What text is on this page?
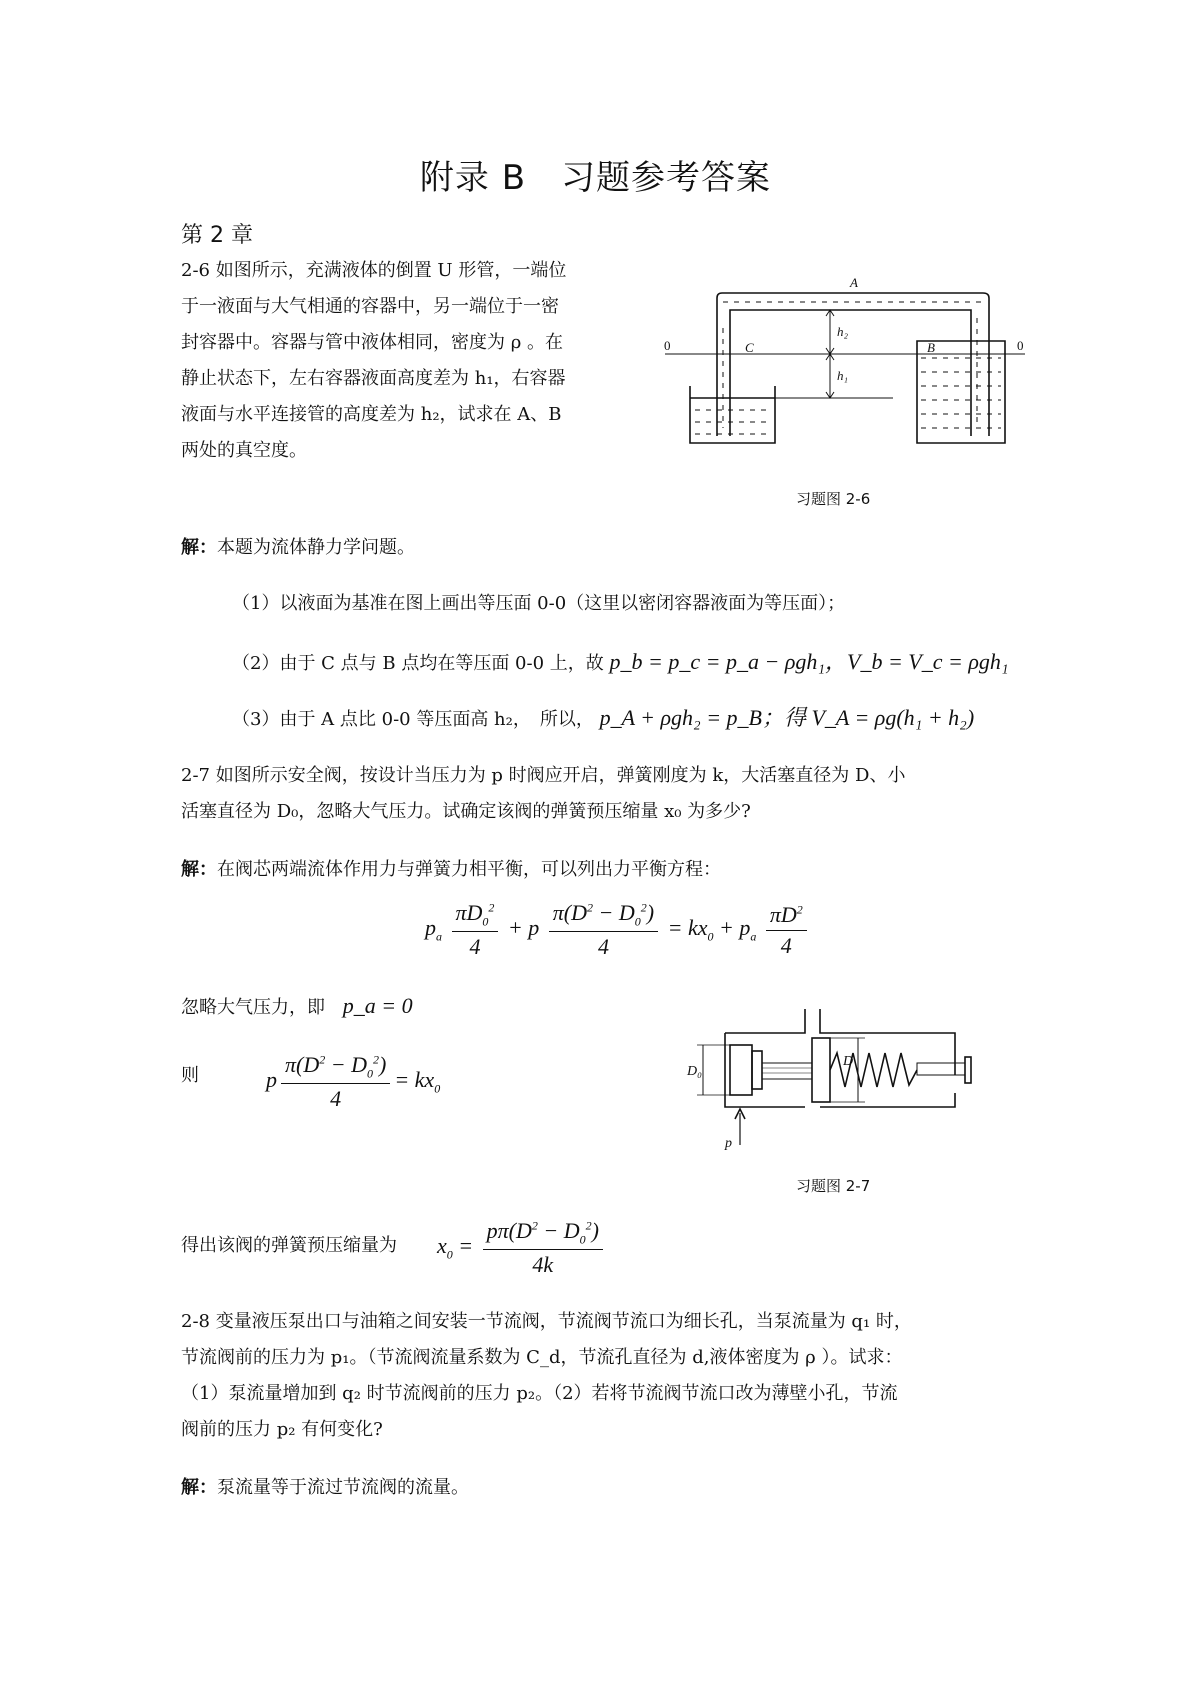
附录 B　习题参考答案
第 2 章
2-6 如图所示，充满液体的倒置 U 形管，一端位
于一液面与大气相通的容器中，另一端位于一密
封容器中。容器与管中液体相同，密度为 ρ 。在
静止状态下，左右容器液面高度差为 h₁，右容器
液面与水平连接管的高度差为 h₂，试求在 A、B
两处的真空度。
A
B
C
h₁
h₂
0	0
习题图 2-6
解：本题为流体静力学问题。
（1）以液面为基准在图上画出等压面 0-0（这里以密闭容器液面为等压面）；
（2）由于 C 点与 B 点均在等压面 0-0 上，故 p_b = p_c = p_a − ρgh₁，V_b = V_c = ρgh₁
（3）由于 A 点比 0-0 等压面高 h₂，　所以， p_A + ρgh₂ = p_B；得 V_A = ρg(h₁ + h₂)
2-7 如图所示安全阀，按设计当压力为 p 时阀应开启，弹簧刚度为 k，大活塞直径为 D、小
活塞直径为 D₀，忽略大气压力。试确定该阀的弹簧预压缩量 x₀ 为多少?
解：在阀芯两端流体作用力与弹簧力相平衡，可以列出力平衡方程：
$p_a \frac{\pi D_0^2}{4} + p \frac{\pi(D^2 - D_0^2)}{4} = kx_0 + p_a \frac{\pi D^2}{4}$
忽略大气压力，即 p_a = 0
则	p $\frac{\pi(D^2 - D_0^2)}{4} = kx_0$
D₀
D
p
习题图 2-7
得出该阀的弹簧预压缩量为 $x_0 = \frac{p\pi(D^2 - D_0^2)}{4k}$
2-8 变量液压泵出口与油箱之间安装一节流阀，节流阀节流口为细长孔，当泵流量为 q₁ 时，
节流阀前的压力为 p₁。（节流阀流量系数为 C_d，节流孔直径为 d,液体密度为 ρ ）。试求：
（1）泵流量增加到 q₂ 时节流阀前的压力 p₂。（2）若将节流阀节流口改为薄壁小孔，节流
阀前的压力 p₂ 有何变化?
解：泵流量等于流过节流阀的流量。
